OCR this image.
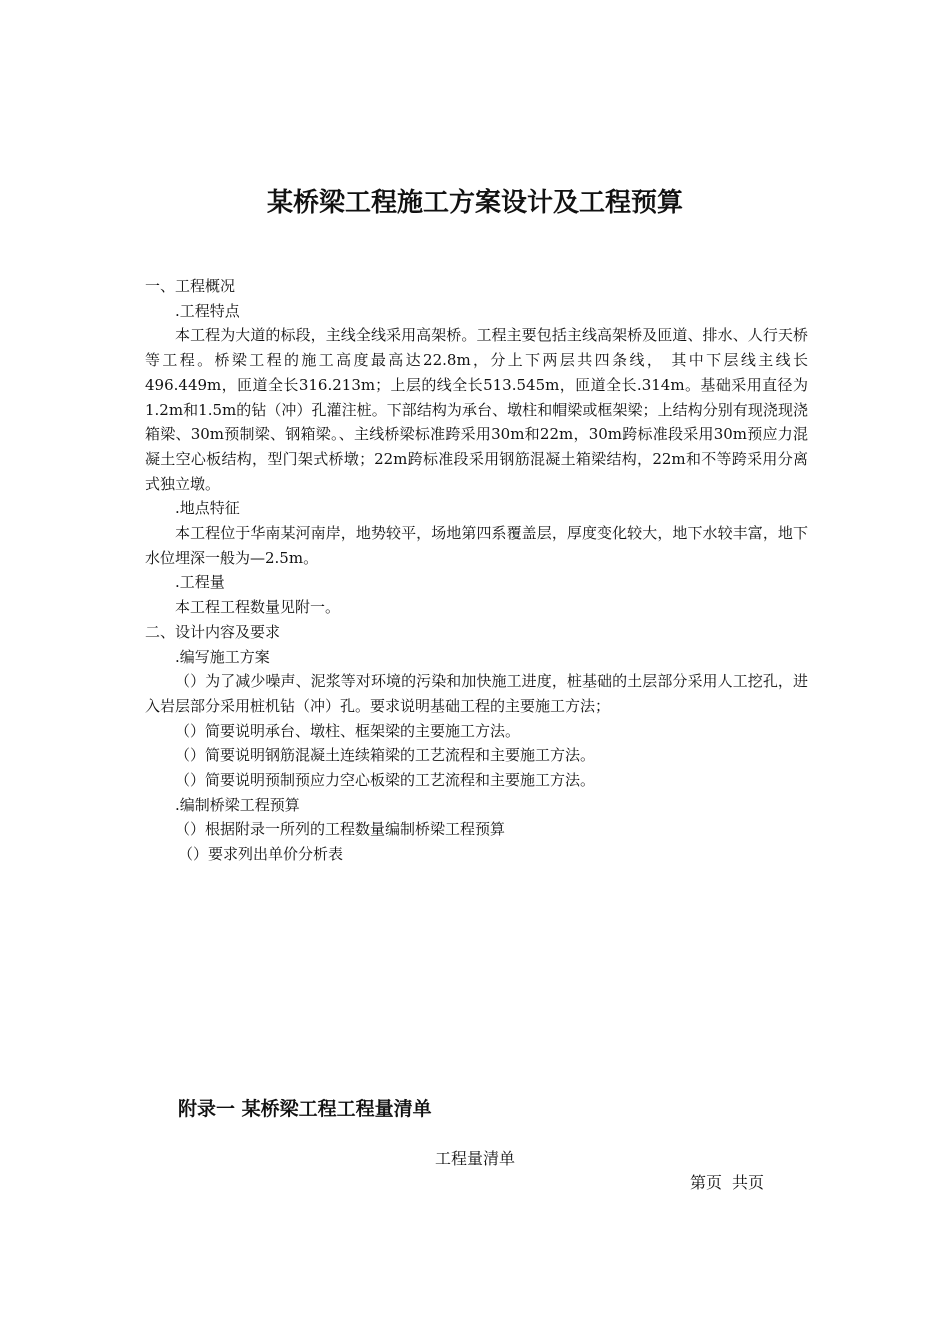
某桥梁工程施工方案设计及工程预算

一、工程概况

.工程特点

本工程为大道的标段，主线全线采用高架桥。工程主要包括主线高架桥及匝道、排水、人行天桥等工程。桥梁工程的施工高度最高达22.8m，分上下两层共四条线， 其中下层线主线长496.449m，匝道全长316.213m；上层的线全长513.545m，匝道全长.314m。基础采用直径为1.2m和1.5m的钻（冲）孔灌注桩。下部结构为承台、墩柱和帽梁或框架梁；上结构分别有现浇现浇箱梁、30m预制梁、钢箱梁。、主线桥梁标准跨采用30m和22m，30m跨标准段采用30m预应力混凝土空心板结构，型门架式桥墩；22m跨标准段采用钢筋混凝土箱梁结构，22m和不等跨采用分离式独立墩。

.地点特征

本工程位于华南某河南岸，地势较平，场地第四系覆盖层，厚度变化较大，地下水较丰富，地下水位埋深一般为—2.5m。

.工程量

本工程工程数量见附一。

二、设计内容及要求

.编写施工方案

（）为了减少噪声、泥浆等对环境的污染和加快施工进度，桩基础的土层部分采用人工挖孔，进入岩层部分采用桩机钻（冲）孔。要求说明基础工程的主要施工方法；

（）简要说明承台、墩柱、框架梁的主要施工方法。

（）简要说明钢筋混凝土连续箱梁的工艺流程和主要施工方法。

（）简要说明预制预应力空心板梁的工艺流程和主要施工方法。

.编制桥梁工程预算

（）根据附录一所列的工程数量编制桥梁工程预算

（）要求列出单价分析表

附录一 某桥梁工程工程量清单
工程量清单
第页 共页
